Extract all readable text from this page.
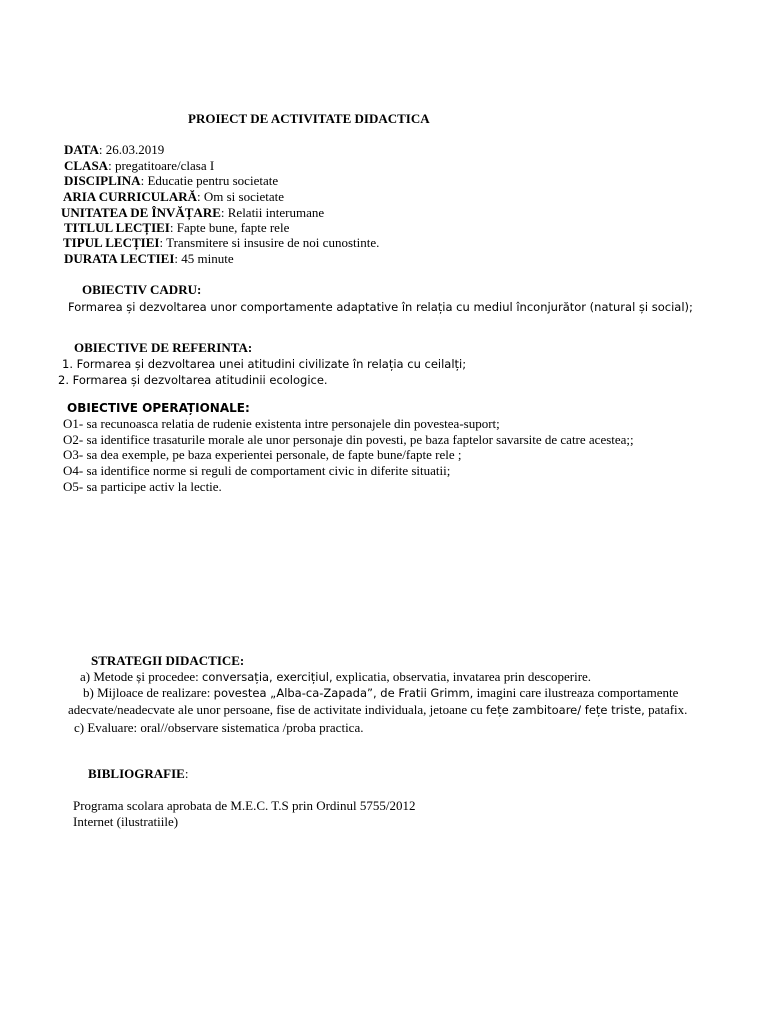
PROIECT DE ACTIVITATE DIDACTICA
DATA: 26.03.2019
CLASA: pregatitoare/clasa I
DISCIPLINA: Educatie pentru societate
ARIA CURRICULARĂ: Om si societate
UNITATEA DE ÎNVĂȚARE: Relatii interumane
TITLUL LECȚIEI: Fapte bune, fapte rele
TIPUL LECȚIEI: Transmitere si insusire de noi cunostinte.
DURATA LECTIEI: 45 minute
OBIECTIV CADRU:
Formarea și dezvoltarea unor comportamente adaptative în relația cu mediul înconjurător (natural și social);
OBIECTIVE DE REFERINTA:
1. Formarea și dezvoltarea unei atitudini civilizate în relația cu ceilalți;
2. Formarea și dezvoltarea atitudinii ecologice.
OBIECTIVE OPERAȚIONALE:
O1- sa recunoasca relatia de rudenie existenta intre personajele din povestea-suport;
O2- sa identifice trasaturile morale ale unor personaje din povesti, pe baza faptelor savarsite de catre acestea;;
O3- sa dea exemple, pe baza experientei personale, de fapte bune/fapte rele ;
O4- sa identifice norme si reguli de comportament civic in diferite situatii;
O5- sa participe activ la lectie.
STRATEGII DIDACTICE:
a) Metode și procedee: conversația, exercițiul, explicatia, observatia, invatarea prin descoperire.
b) Mijloace de realizare: povestea „Alba-ca-Zapada”, de Fratii Grimm, imagini care ilustreaza comportamente
adecvate/neadecvate ale unor persoane, fise de activitate individuala, jetoane cu fețe zambitoare/ fețe triste, patafix.
c) Evaluare: oral//observare sistematica /proba practica.
BIBLIOGRAFIE:
Programa scolara aprobata de M.E.C. T.S prin Ordinul 5755/2012
Internet (ilustratiile)
